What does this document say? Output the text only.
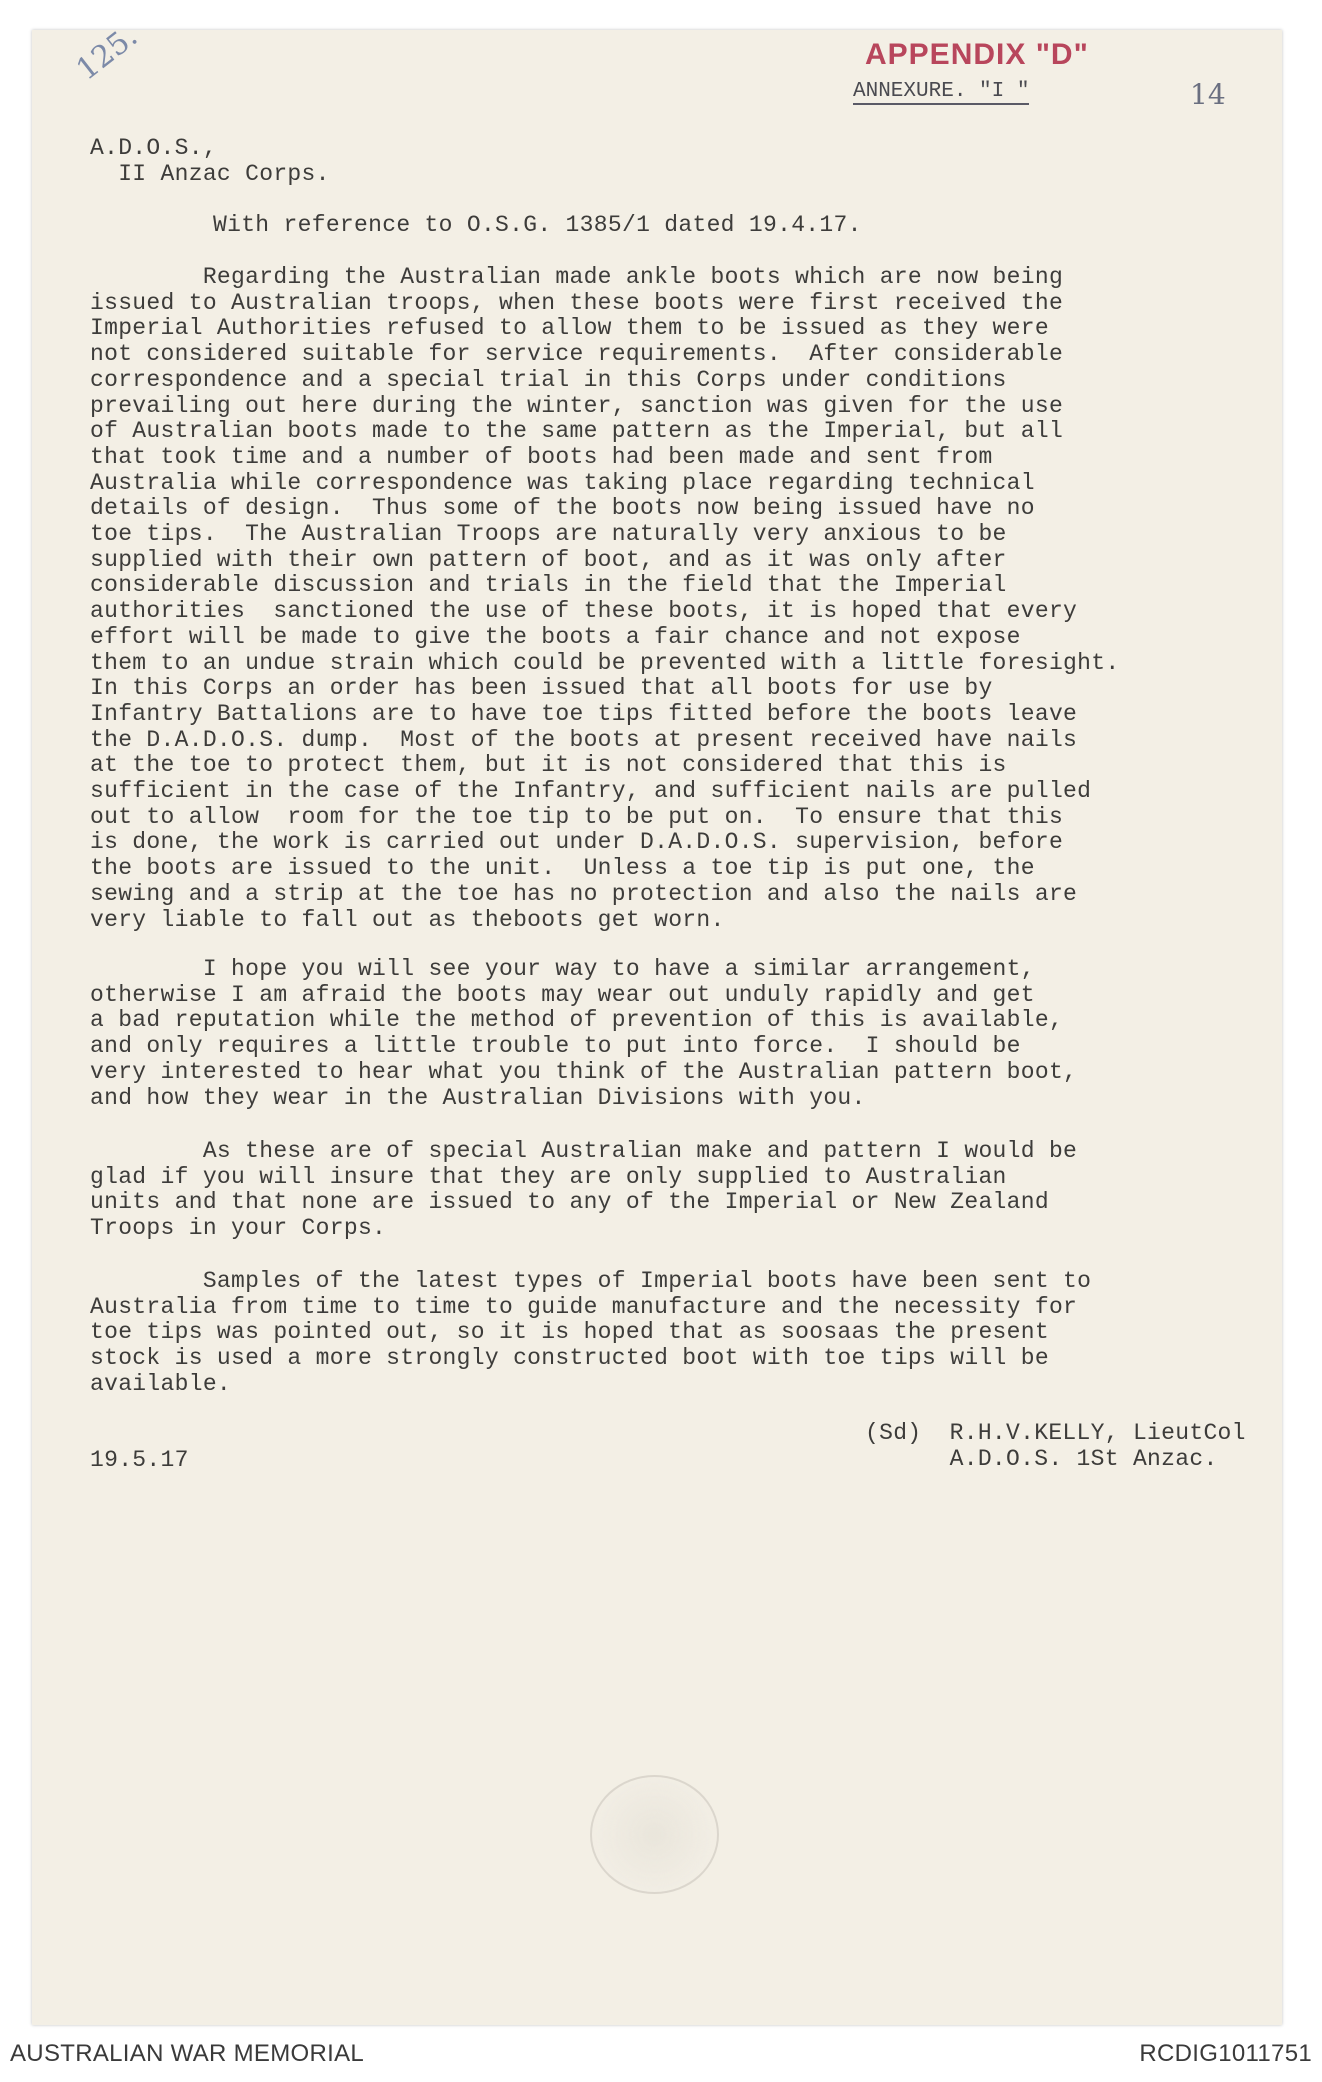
125.	APPENDIX "D"
ANNEXURE. "I "	14
A.D.O.S.,
II Anzac Corps.
With reference to O.S.G. 1385/1 dated 19.4.17.
Regarding the Australian made ankle boots which are now being
issued to Australian troops, when these boots were first received the
Imperial Authorities refused to allow them to be issued as they were
not considered suitable for service requirements.  After considerable
correspondence and a special trial in this Corps under conditions
prevailing out here during the winter, sanction was given for the use
of Australian boots made to the same pattern as the Imperial, but all
that took time and a number of boots had been made and sent from
Australia while correspondence was taking place regarding technical
details of design.  Thus some of the boots now being issued have no
toe tips.  The Australian Troops are naturally very anxious to be
supplied with their own pattern of boot, and as it was only after
considerable discussion and trials in the field that the Imperial
authorities  sanctioned the use of these boots, it is hoped that every
effort will be made to give the boots a fair chance and not expose
them to an undue strain which could be prevented with a little foresight.
In this Corps an order has been issued that all boots for use by
Infantry Battalions are to have toe tips fitted before the boots leave
the D.A.D.O.S. dump.  Most of the boots at present received have nails
at the toe to protect them, but it is not considered that this is
sufficient in the case of the Infantry, and sufficient nails are pulled
out to allow  room for the toe tip to be put on.  To ensure that this
is done, the work is carried out under D.A.D.O.S. supervision, before
the boots are issued to the unit.  Unless a toe tip is put one, the
sewing and a strip at the toe has no protection and also the nails are
very liable to fall out as theboots get worn.
I hope you will see your way to have a similar arrangement,
otherwise I am afraid the boots may wear out unduly rapidly and get
a bad reputation while the method of prevention of this is available,
and only requires a little trouble to put into force.  I should be
very interested to hear what you think of the Australian pattern boot,
and how they wear in the Australian Divisions with you.
As these are of special Australian make and pattern I would be
glad if you will insure that they are only supplied to Australian
units and that none are issued to any of the Imperial or New Zealand
Troops in your Corps.
Samples of the latest types of Imperial boots have been sent to
Australia from time to time to guide manufacture and the necessity for
toe tips was pointed out, so it is hoped that as soosaas the present
stock is used a more strongly constructed boot with toe tips will be
available.
(Sd)  R.H.V.KELLY, LieutCol
A.D.O.S. 1St Anzac.
19.5.17
AUSTRALIAN WAR MEMORIAL	RCDIG1011751
